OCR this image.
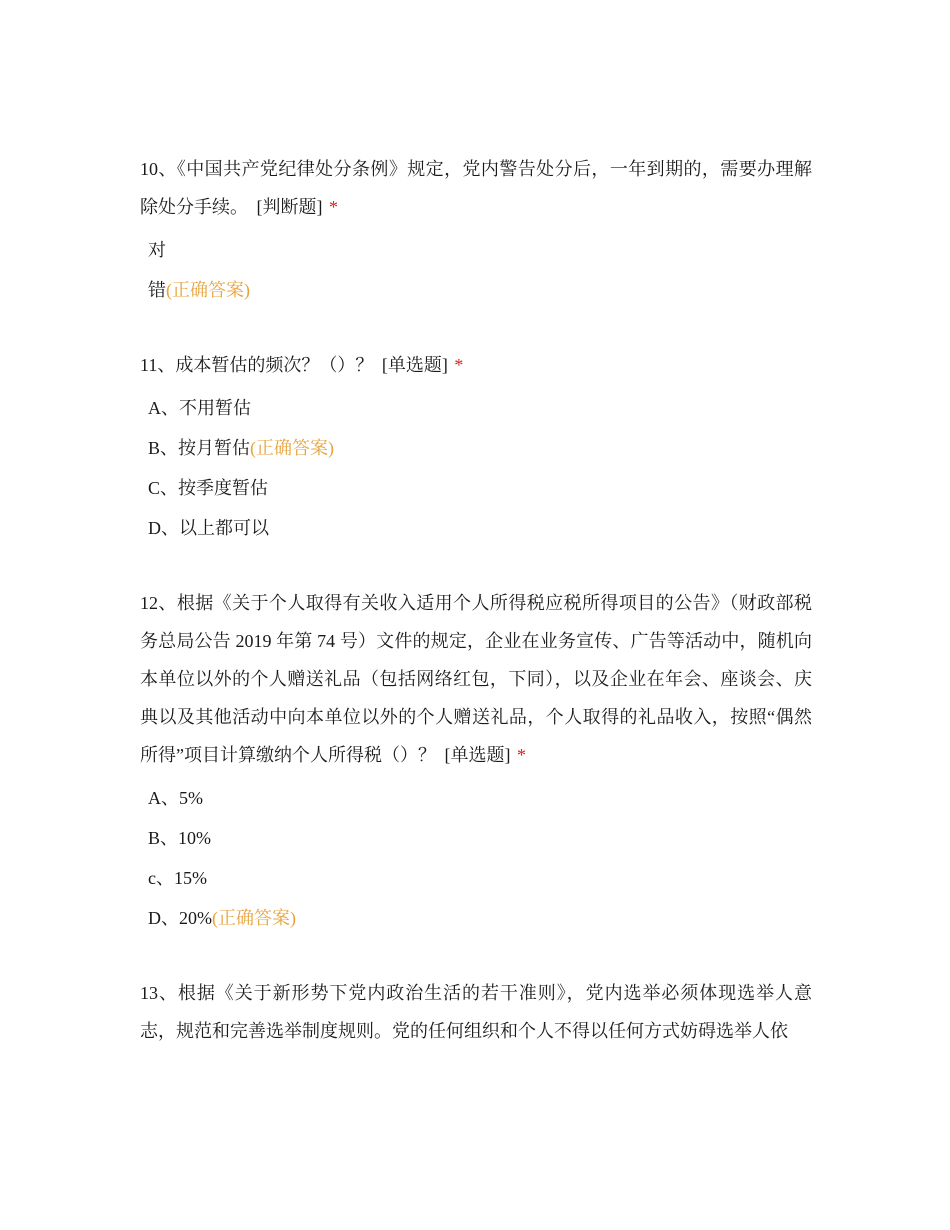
10、《中国共产党纪律处分条例》规定，党内警告处分后，一年到期的，需要办理解除处分手续。 [判断题] *

对
错(正确答案)

11、成本暂估的频次？（）？ [单选题] *

A、不用暂估
B、按月暂估(正确答案)
C、按季度暂估
D、以上都可以

12、根据《关于个人取得有关收入适用个人所得税应税所得项目的公告》（财政部税务总局公告 2019 年第 74 号）文件的规定，企业在业务宣传、广告等活动中，随机向本单位以外的个人赠送礼品（包括网络红包，下同），以及企业在年会、座谈会、庆典以及其他活动中向本单位以外的个人赠送礼品，个人取得的礼品收入，按照“偶然所得”项目计算缴纳个人所得税（）？ [单选题] *

A、5%
B、10%
c、15%
D、20%(正确答案)

13、根据《关于新形势下党内政治生活的若干准则》，党内选举必须体现选举人意志，规范和完善选举制度规则。党的任何组织和个人不得以任何方式妨碍选举人依
